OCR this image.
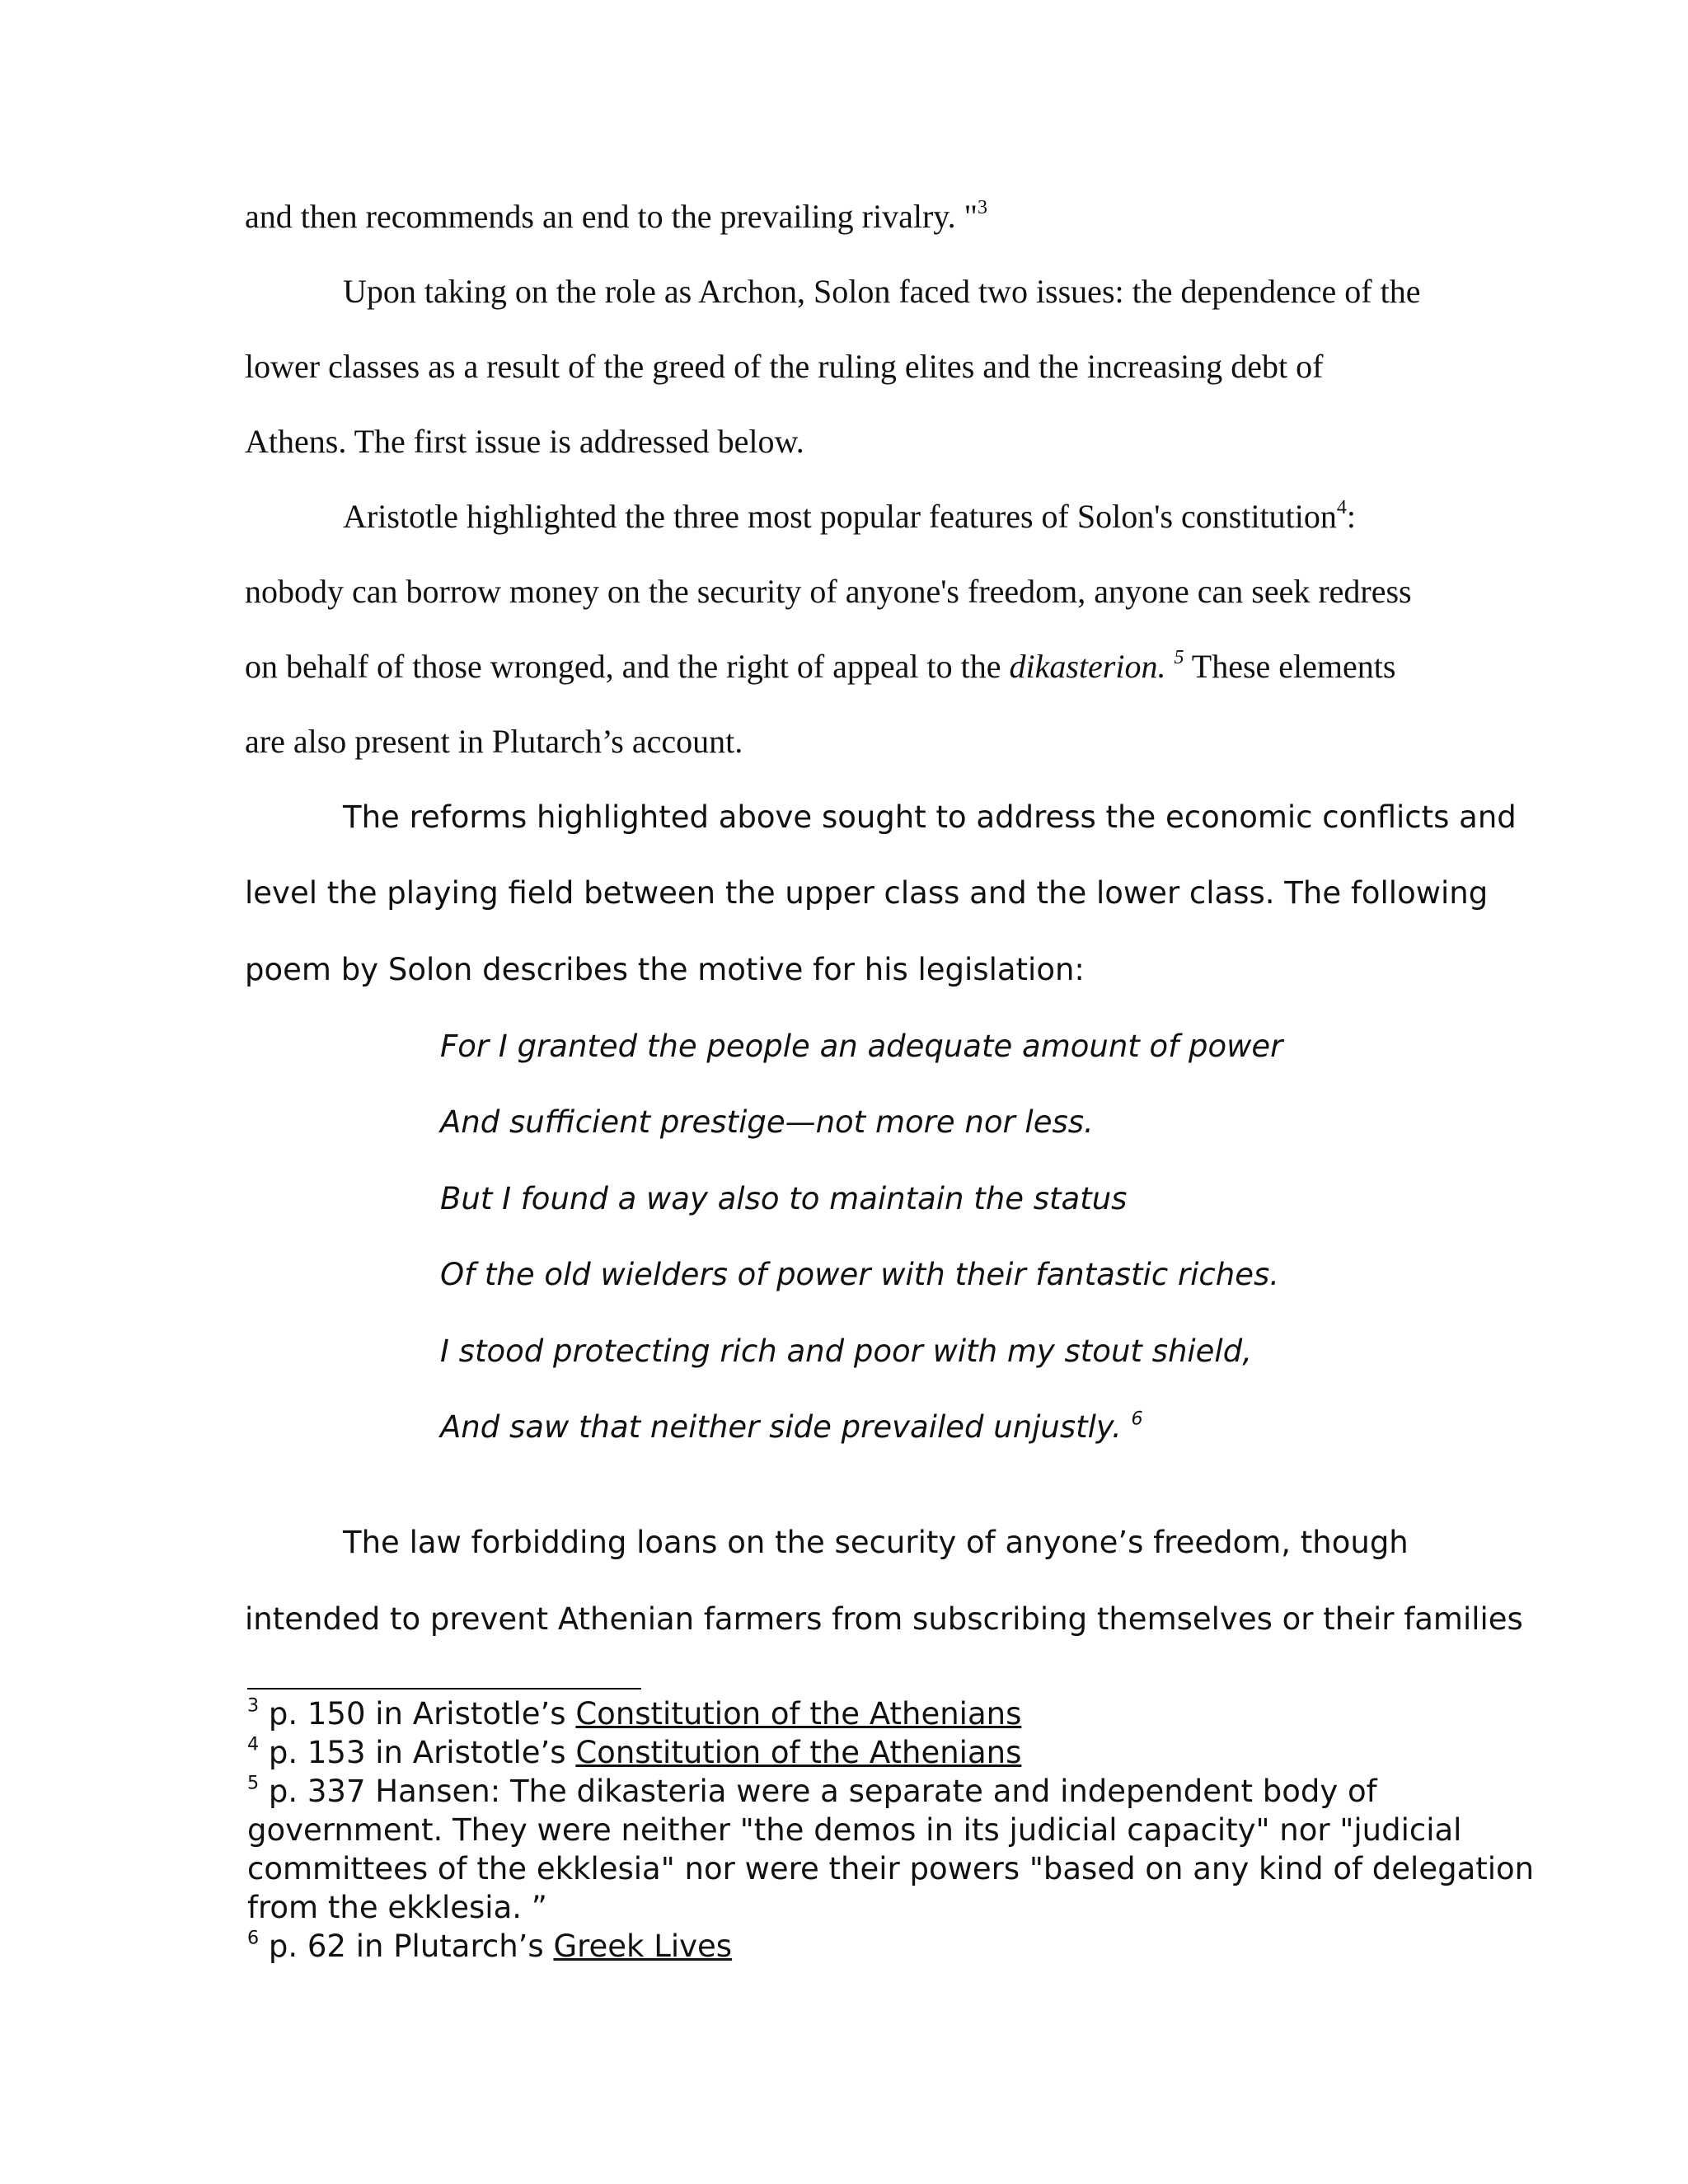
and then recommends an end to the prevailing rivalry. "$^3$
Upon taking on the role as Archon, Solon faced two issues: the dependence of the
lower classes as a result of the greed of the ruling elites and the increasing debt of
Athens. The first issue is addressed below.
Aristotle highlighted the three most popular features of Solon's constitution$^4$:
nobody can borrow money on the security of anyone's freedom, anyone can seek redress
on behalf of those wronged, and the right of appeal to the dikasterion. $^5$ These elements
are also present in Plutarch’s account.
The reforms highlighted above sought to address the economic conflicts and
level the playing field between the upper class and the lower class. The following
poem by Solon describes the motive for his legislation:
For I granted the people an adequate amount of power
And sufficient prestige—not more nor less.
But I found a way also to maintain the status
Of the old wielders of power with their fantastic riches.
I stood protecting rich and poor with my stout shield,
And saw that neither side prevailed unjustly. $^6$
The law forbidding loans on the security of anyone’s freedom, though
intended to prevent Athenian farmers from subscribing themselves or their families
$^3$ p. 150 in Aristotle’s Constitution of the Athenians
$^4$ p. 153 in Aristotle’s Constitution of the Athenians
$^5$ p. 337 Hansen: The dikasteria were a separate and independent body of
government. They were neither "the demos in its judicial capacity" nor "judicial
committees of the ekklesia" nor were their powers "based on any kind of delegation
from the ekklesia. ”
$^6$ p. 62 in Plutarch’s Greek Lives
